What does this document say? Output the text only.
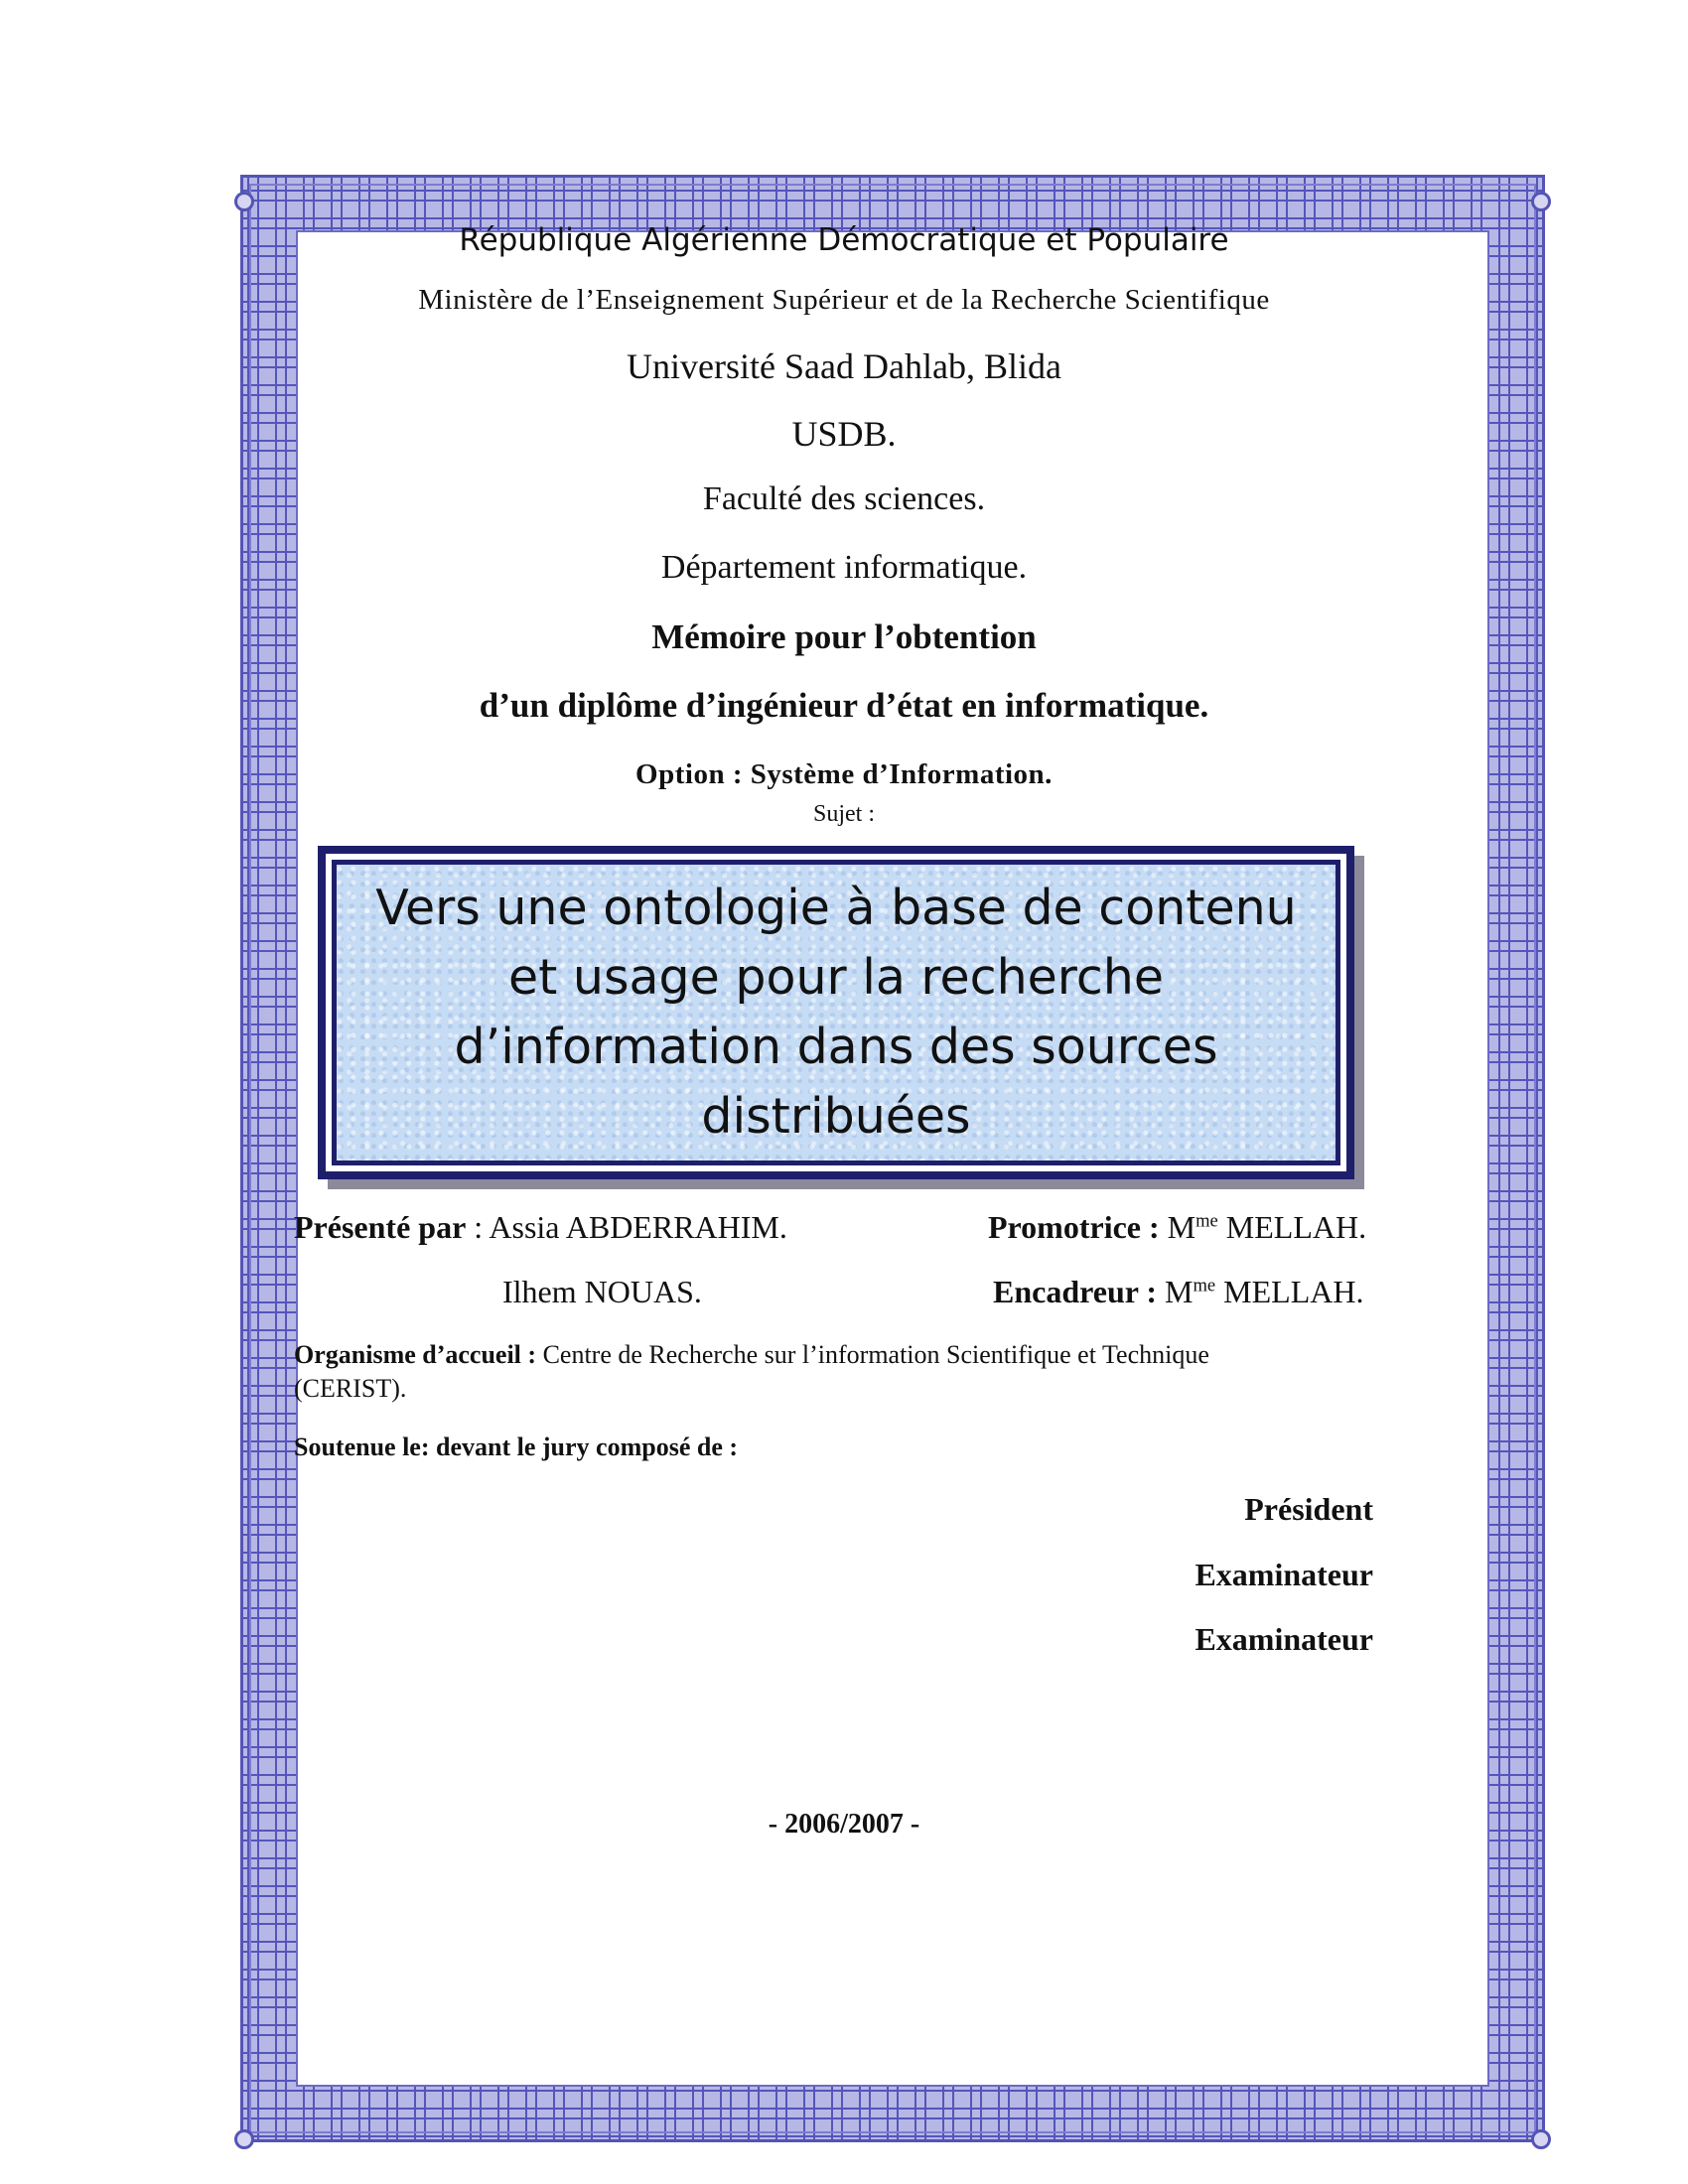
République Algérienne Démocratique et Populaire
Ministère de l’Enseignement Supérieur et de la Recherche Scientifique
Université Saad Dahlab, Blida
USDB.
Faculté des sciences.
Département informatique.
Mémoire pour l’obtention
d’un diplôme d’ingénieur d’état en informatique.
Option : Système d’Information.
Sujet :

Vers une ontologie à base de contenu et usage pour la recherche d’information dans des sources distribuées

Présenté par : Assia ABDERRAHIM.
Ilhem NOUAS.
Promotrice : $M^{me}$ MELLAH.
Encadreur : $M^{me}$ MELLAH.
Organisme d’accueil : Centre de Recherche sur l’information Scientifique et Technique
(CERIST).
Soutenue le: devant le jury composé de :
Président
Examinateur
Examinateur
- 2006/2007 -
